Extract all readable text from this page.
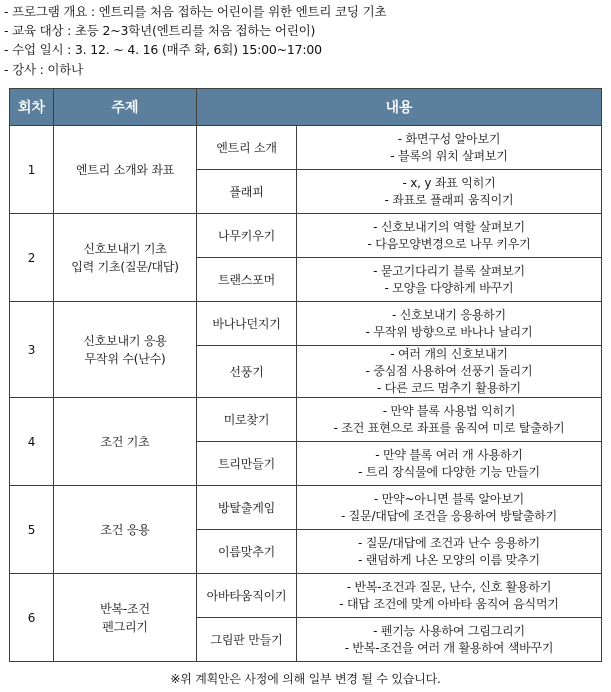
- 프로그램 개요 : 엔트리를 처음 접하는 어린이를 위한 엔트리 코딩 기초
- 교육 대상 : 초등 2~3학년(엔트리를 처음 접하는 어린이)
- 수업 일시 : 3. 12. ~ 4. 16 (매주 화, 6회) 15:00~17:00
- 강사 : 이하나
회차	주제	내용	
1	엔트리 소개와 좌표	엔트리 소개	- 화면구성 알아보기
- 블록의 위치 살펴보기

		플래피	- x, y 좌표 익히기
- 좌표로 플래피 움직이기

2	신호보내기 기초
입력 기초(질문/대답)	나무키우기	- 신호보내기의 역할 살펴보기
- 다음모양변경으로 나무 키우기

		트랜스포머	- 묻고기다리기 블록 살펴보기
- 모양을 다양하게 바꾸기

3	신호보내기 응용
무작위 수(난수)	바나나던지기	- 신호보내기 응용하기
- 무작위 방향으로 바나나 날리기

		선풍기	- 여러 개의 신호보내기
- 중심점 사용하여 선풍기 돌리기
- 다른 코드 멈추기 활용하기

4	조건 기초	미로찾기	- 만약 블록 사용법 익히기
- 조건 표현으로 좌표를 움직여 미로 탈출하기

		트리만들기	- 만약 블록 여러 개 사용하기
- 트리 장식물에 다양한 기능 만들기

5	조건 응용	방탈출게임	- 만약~아니면 블록 알아보기
- 질문/대답에 조건을 응용하여 방탈출하기

		이름맞추기	- 질문/대답에 조건과 난수 응용하기
- 랜덤하게 나온 모양의 이름 맞추기

6	반복-조건
펜그리기	아바타움직이기	- 반복-조건과 질문, 난수, 신호 활용하기
- 대답 조건에 맞게 아바타 움직여 음식먹기

		그림판 만들기	- 펜기능 사용하여 그림그리기
- 반복-조건을 여러 개 활용하여 색바꾸기
※위 계획안은 사정에 의해 일부 변경 될 수 있습니다.
